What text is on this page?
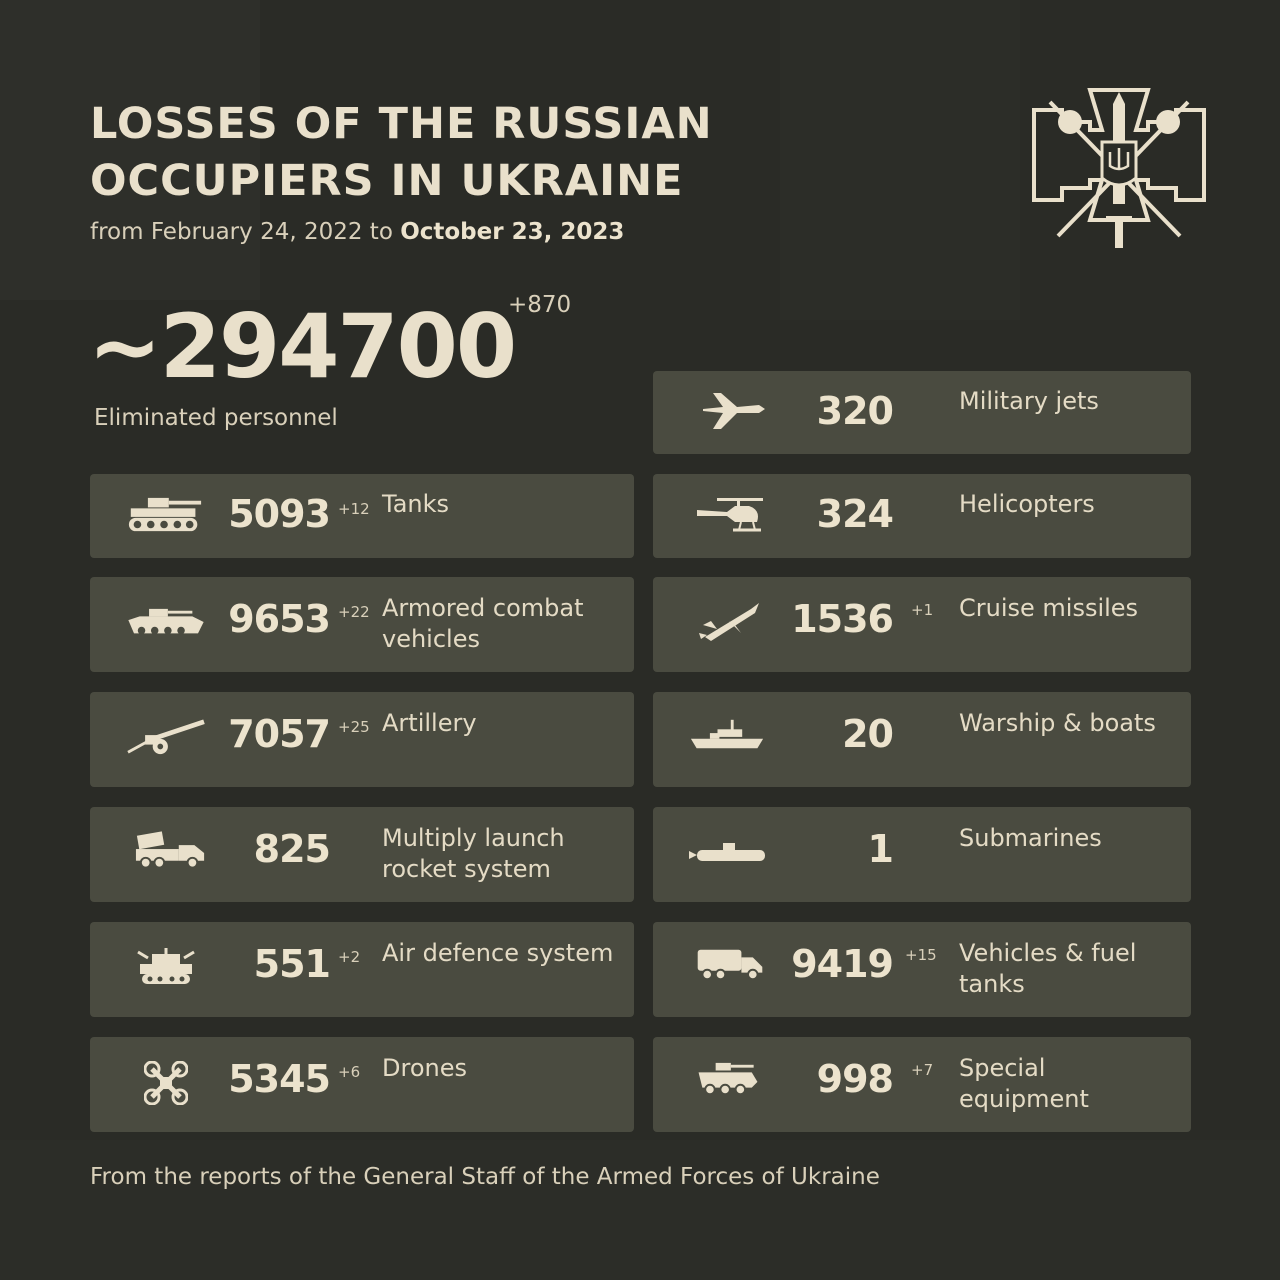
LOSSES OF THE RUSSIAN
OCCUPIERS IN UKRAINE
from February 24, 2022 to October 23, 2023
~294700
+870
Eliminated personnel
5093 +12 Tanks
9653 +22 Armored combat vehicles
7057 +25 Artillery
825 Multiply launch rocket system
551 +2 Air defence system
5345 +6 Drones
320	Military jets
324	Helicopters
1536 +1 Cruise missiles
20	Warship & boats
1	Submarines
9419 +15 Vehicles & fuel tanks
998 +7 Special equipment
From the reports of the General Staff of the Armed Forces of Ukraine
